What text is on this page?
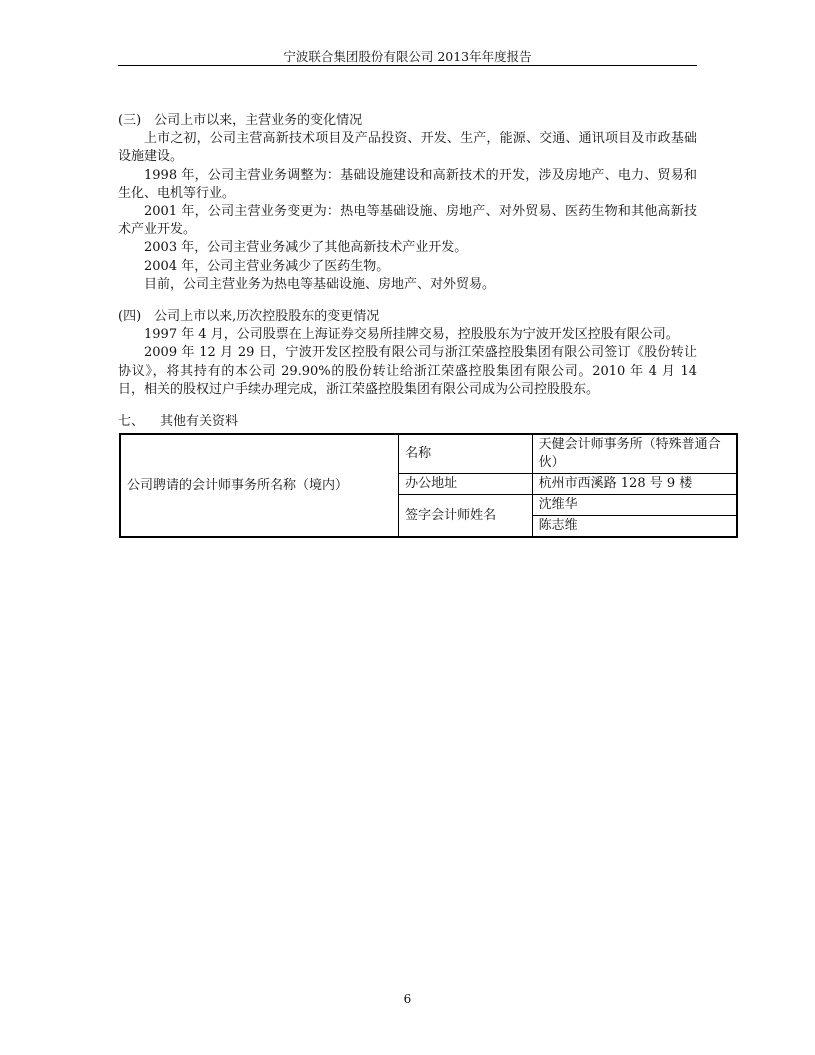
宁波联合集团股份有限公司 2013年年度报告

(三)　公司上市以来，主营业务的变化情况

上市之初，公司主营高新技术项目及产品投资、开发、生产，能源、交通、通讯项目及市政基础设施建设。

1998 年，公司主营业务调整为：基础设施建设和高新技术的开发，涉及房地产、电力、贸易和生化、电机等行业。

2001 年，公司主营业务变更为：热电等基础设施、房地产、对外贸易、医药生物和其他高新技术产业开发。

2003 年，公司主营业务减少了其他高新技术产业开发。

2004 年，公司主营业务减少了医药生物。

目前，公司主营业务为热电等基础设施、房地产、对外贸易。

(四)　公司上市以来,历次控股股东的变更情况

1997 年 4 月，公司股票在上海证券交易所挂牌交易，控股股东为宁波开发区控股有限公司。

2009 年 12 月 29 日，宁波开发区控股有限公司与浙江荣盛控股集团有限公司签订《股份转让协议》，将其持有的本公司 29.90%的股份转让给浙江荣盛控股集团有限公司。2010 年 4 月 14 日，相关的股权过户手续办理完成，浙江荣盛控股集团有限公司成为公司控股股东。

七、 其他有关资料

公司聘请的会计师事务所名称（境内）	名称	天健会计师事务所（特殊普通合伙）
	办公地址	杭州市西溪路 128 号 9 楼
	签字会计师姓名	沈维华
		陈志维
6
